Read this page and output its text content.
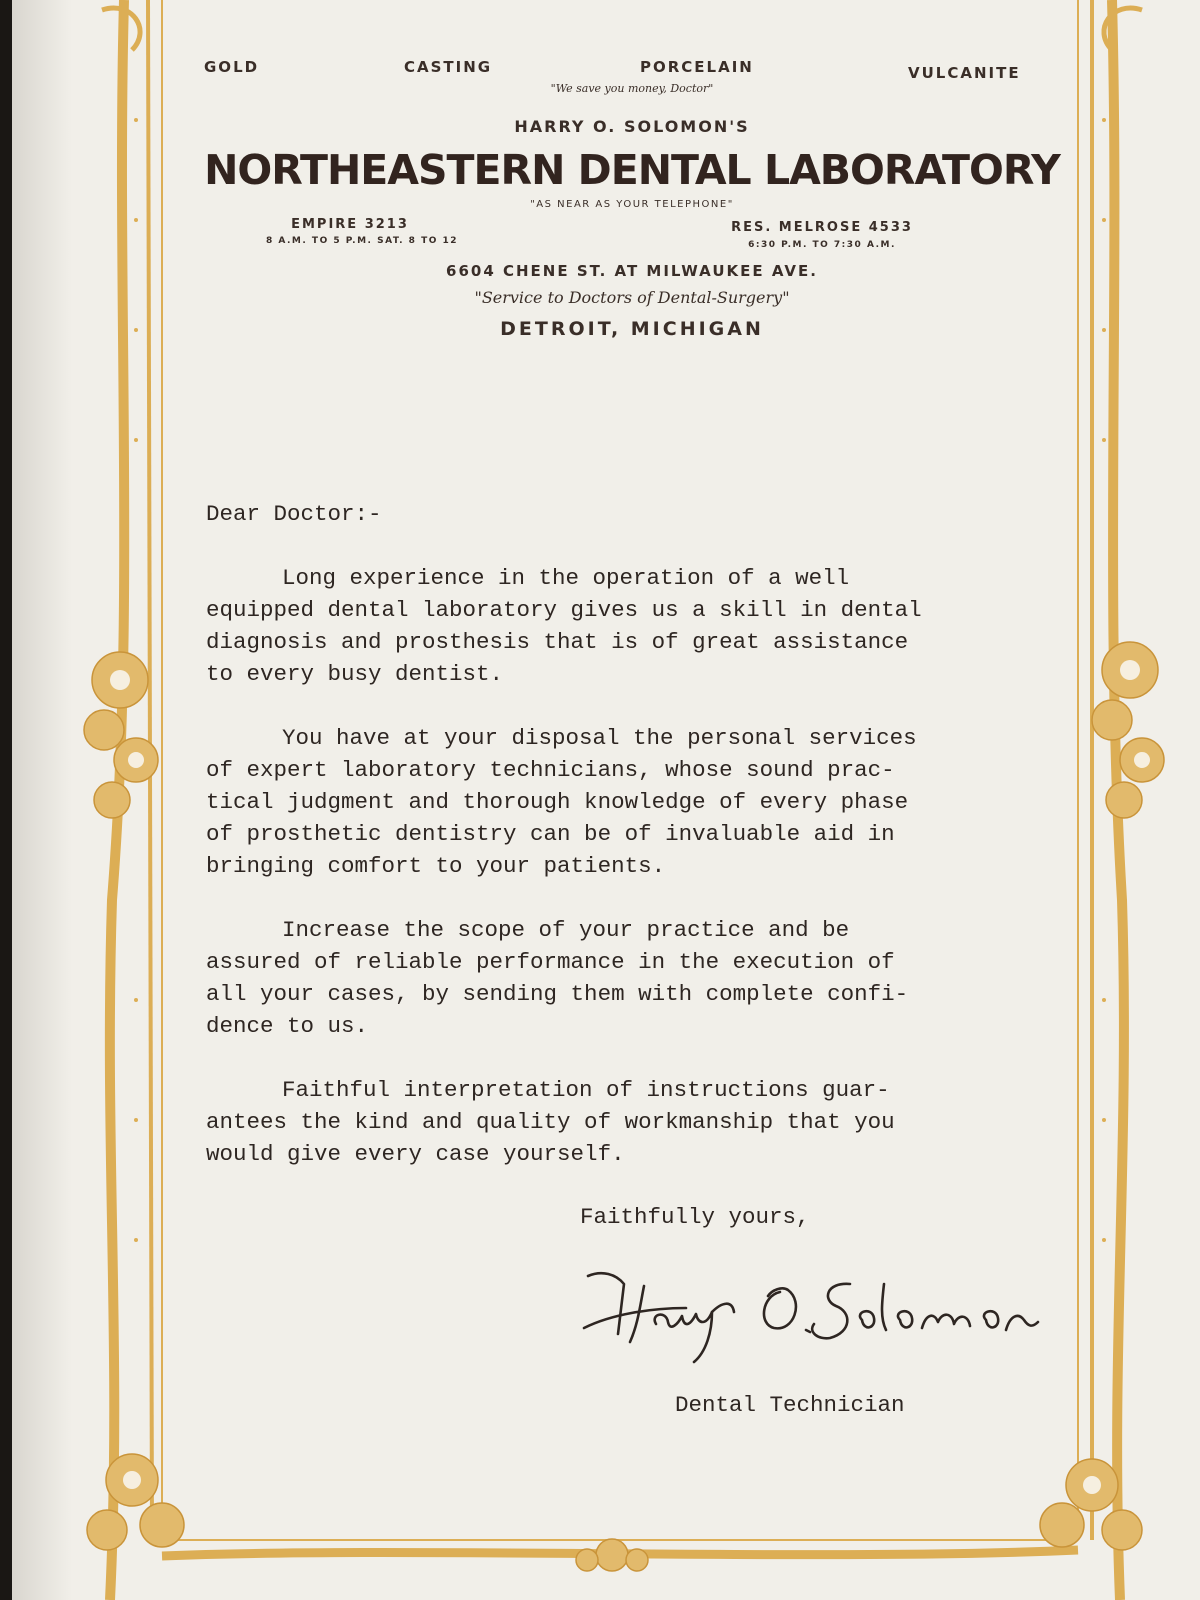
GOLD	CASTING	PORCELAIN	VULCANITE
"We save you money, Doctor"
HARRY O. SOLOMON'S
NORTHEASTERN DENTAL LABORATORY
"AS NEAR AS YOUR TELEPHONE"
EMPIRE 3213
8 A.M. TO 5 P.M. SAT. 8 TO 12
RES. MELROSE 4533
6:30 P.M. TO 7:30 A.M.
6604 CHENE ST. AT MILWAUKEE AVE.
"Service to Doctors of Dental-Surgery"
DETROIT, MICHIGAN

Dear Doctor:-

Long experience in the operation of a well
equipped dental laboratory gives us a skill in dental
diagnosis and prosthesis that is of great assistance
to every busy dentist.

You have at your disposal the personal services
of expert laboratory technicians, whose sound prac-
tical judgment and thorough knowledge of every phase
of prosthetic dentistry can be of invaluable aid in
bringing comfort to your patients.

Increase the scope of your practice and be
assured of reliable performance in the execution of
all your cases, by sending them with complete confi-
dence to us.

Faithful interpretation of instructions guar-
antees the kind and quality of workmanship that you
would give every case yourself.

Faithfully yours,
Dental Technician
